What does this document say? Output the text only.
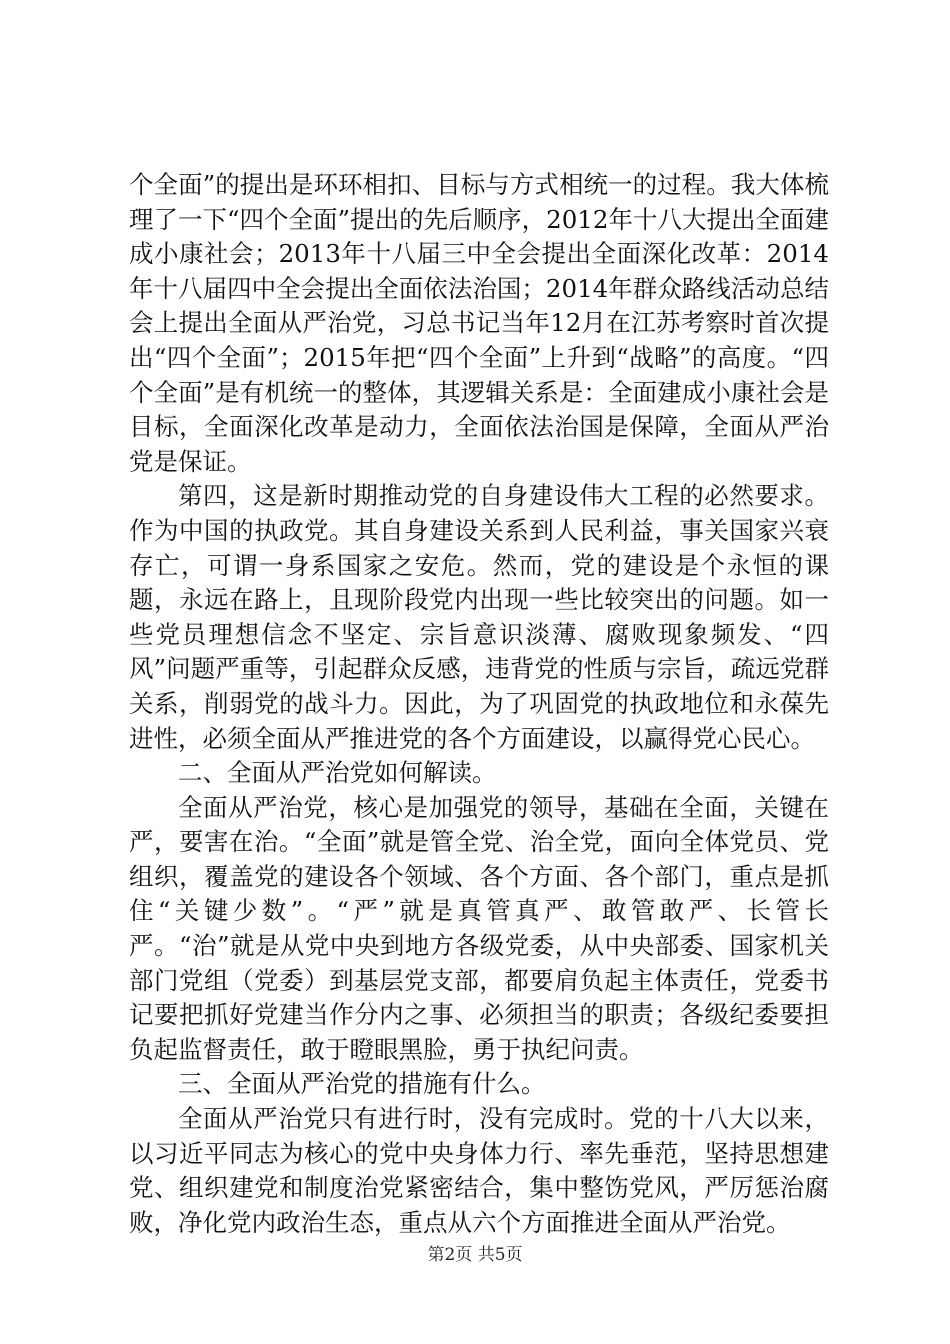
个全面”的提出是环环相扣、目标与方式相统一的过程。我大体梳理了一下“四个全面”提出的先后顺序，2012年十八大提出全面建成小康社会；2013年十八届三中全会提出全面深化改革：2014年十八届四中全会提出全面依法治国；2014年群众路线活动总结会上提出全面从严治党，习总书记当年12月在江苏考察时首次提出“四个全面”；2015年把“四个全面”上升到“战略”的高度。“四个全面”是有机统一的整体，其逻辑关系是：全面建成小康社会是目标，全面深化改革是动力，全面依法治国是保障，全面从严治党是保证。

第四，这是新时期推动党的自身建设伟大工程的必然要求。作为中国的执政党。其自身建设关系到人民利益，事关国家兴衰存亡，可谓一身系国家之安危。然而，党的建设是个永恒的课题，永远在路上，且现阶段党内出现一些比较突出的问题。如一些党员理想信念不坚定、宗旨意识淡薄、腐败现象频发、“四风”问题严重等，引起群众反感，违背党的性质与宗旨，疏远党群关系，削弱党的战斗力。因此，为了巩固党的执政地位和永葆先进性，必须全面从严推进党的各个方面建设，以赢得党心民心。

二、全面从严治党如何解读。

全面从严治党，核心是加强党的领导，基础在全面，关键在严，要害在治。“全面”就是管全党、治全党，面向全体党员、党组织，覆盖党的建设各个领域、各个方面、各个部门，重点是抓住“关键少数”。“严”就是真管真严、敢管敢严、长管长严。“治”就是从党中央到地方各级党委，从中央部委、国家机关部门党组（党委）到基层党支部，都要肩负起主体责任，党委书记要把抓好党建当作分内之事、必须担当的职责；各级纪委要担负起监督责任，敢于瞪眼黑脸，勇于执纪问责。

三、全面从严治党的措施有什么。

全面从严治党只有进行时，没有完成时。党的十八大以来，以习近平同志为核心的党中央身体力行、率先垂范，坚持思想建党、组织建党和制度治党紧密结合，集中整饬党风，严厉惩治腐败，净化党内政治生态，重点从六个方面推进全面从严治党。

第2页 共5页
